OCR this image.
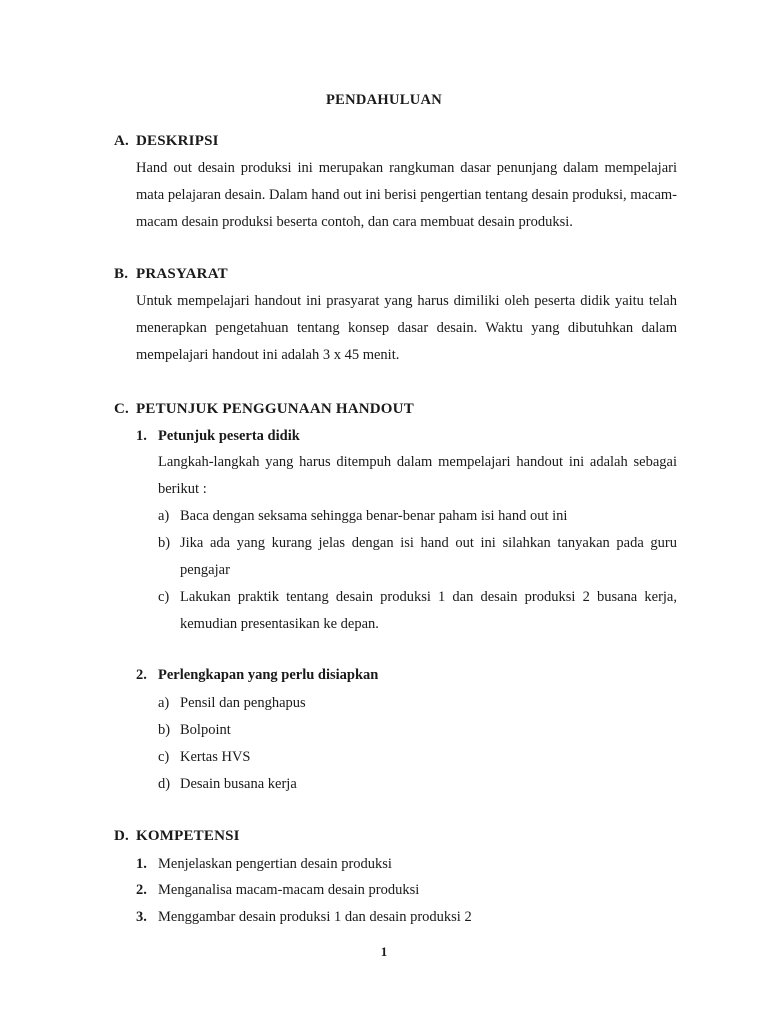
PENDAHULUAN
A. DESKRIPSI
Hand out desain produksi ini merupakan rangkuman dasar penunjang dalam mempelajari mata pelajaran desain. Dalam hand out ini berisi pengertian tentang desain produksi, macam-macam desain produksi beserta contoh, dan cara membuat desain produksi.
B. PRASYARAT
Untuk mempelajari handout ini prasyarat yang harus dimiliki oleh peserta didik yaitu telah menerapkan pengetahuan tentang konsep dasar desain. Waktu yang dibutuhkan dalam mempelajari handout ini adalah 3 x 45 menit.
C. PETUNJUK PENGGUNAAN HANDOUT
1. Petunjuk peserta didik
Langkah-langkah yang harus ditempuh dalam mempelajari handout ini adalah sebagai berikut :
a) Baca dengan seksama sehingga benar-benar paham isi hand out ini
b) Jika ada yang kurang jelas dengan isi hand out ini silahkan tanyakan pada guru pengajar
c) Lakukan praktik tentang desain produksi 1 dan desain produksi 2 busana kerja, kemudian presentasikan ke depan.
2. Perlengkapan yang perlu disiapkan
a) Pensil dan penghapus
b) Bolpoint
c) Kertas HVS
d) Desain busana kerja
D. KOMPETENSI
1. Menjelaskan pengertian desain produksi
2. Menganalisa macam-macam desain produksi
3. Menggambar desain produksi 1 dan desain produksi 2
1
